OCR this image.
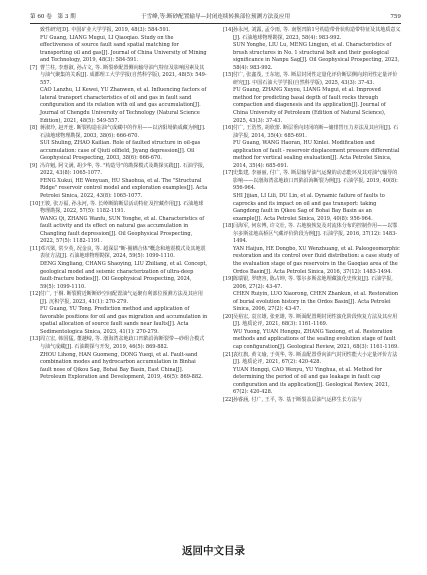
第 60 卷　第 3 期	于雪峰,等:断砂配置输导—封闭连续转换部位预测方法及应用	759
致性研究[D]. 中国矿业大学学报, 2019, 48(3): 584-591.
FU Guang, LIANG Mugui, LI Qiaoqiao. Study on the effectiveness of source fault sand spatial matching for transporting oil and gas[J]. Journal of China University of Mining and Technology, 2019, 48(3): 584-591.
[7] 曹兰柱, 李惠淑, 孙占文, 等. 断裂砂配置侧向输导油气特征及影响因素及其与油气聚集的关系[J]. 成都理工大学学报(自然科学版), 2021, 48(5): 549-557.
CAO Lanzhu, LI Kewei, YU Zhanwen, et al. Influencing factors of lateral transport characteristics of oil and gas in fault sand configuration and its relation with oil and gas accumulation[J]. Journal of Chengdu University of Technology (Natural Science Edition), 2021, 48(5): 549-557.
[8] 蒋淑玲, 赵开连. 断裂构造在油气成藏中的作用——以济阳坳陷成藏为例[J]. 石油地球物理勘探, 2003, 38(6): 666-670.
SUI Shuling, ZHAO Kailian. Role of faulted structure in oil-gas accumulation: case of Qiuti oilfield, Jiyang depression[J]. Oil Geophysical Prospecting, 2003, 38(6): 666-670.
[9] 冯许魁, 阿文满, 胡少华, 等. "构造导"的勘探模式及勘探实践[J]. 石油学报, 2022, 43(8): 1065-1077.
FENG Xukui, HE Wenyuan, HU Shaohua, et al. The "Structural Ridge" reservoir control model and exploration examples[J]. Acta Petrolei Sinica, 2022, 43(8): 1065-1077.
[10] 王骏, 张万福, 孙永河, 等. 长岭断陷断层活动特征及控藏作用[J]. 石油地球物理勘探, 2022, 57(5): 1182-1191.
WANG Qi, ZHANG Wanfu, SUN Yonghe, et al. Characteristics of fault activity and its effect on natural gas accumulation in Changling fault depression[J]. Oil Geophysical Prospecting, 2022, 57(5): 1182-1191.
[11] 邓兴梁, 常少英, 况金良, 等. 超深层"断-圈耦合体"概念和地震模式及其地震表征方法[J]. 石油地球物理勘探, 2024, 59(5): 1099-1110.
DENG Xingliang, CHANG Shaoying, LIU Zhiliang, et al. Concept, geological model and seismic characterization of ultra-deep fault-fracture bodies[J]. Oil Geophysical Prospecting, 2024, 59(5): 1099-1110.
[12] 付广, 于桐. 断裂附近断断砂空间配置油气运聚有利部位预测方法及其应用[J]. 沉积学报, 2023, 41(1): 270-279.
FU Guang, YU Tong. Prediction method and application of favorable positions for oil and gas migration and accumulation in spatial allocation of source fault sands near faults[J]. Acta Sedimentologica Sinica, 2023, 41(1): 270-279.
[13] 周立宏, 韩国猛, 董越崎, 等. 渤海湾盆地歧口凹陷沿海断裂带—砂组合模式与油气成藏[J]. 石油勘探与开发, 2019, 46(5): 869-882.
ZHOU Lihong, HAN Guomeng, DONG Yueqi, et al. Fault-sand combination modes and hydrocarbon accumulation in Binhai fault nose of Qikou Sag, Bohai Bay Basin, East China[J]. Petroleum Exploration and Development, 2019, 46(5): 869-882.
[14] 孙永河, 刘露, 孟令雨, 等. 南堡凹陷1号构造带骨状构造带特征及其地质意义[J]. 石油地球物理勘探, 2023, 58(4): 983-992.
SUN Yonghe, LIU Lu, MENG Lingjun, et al. Characteristics of brush structures in No. 1 structural belt and their geological significance in Nanpu Sag[J]. Oil Geophysical Prospecting, 2023, 58(4): 983-992.
[15] 付广, 张鑫茂, 王东旭, 等. 断层封闭性定量化评价断层侧向封闭性定量评价研究[J]. 中国石油大学学报(自然科学版), 2025, 43(3): 37-43.
FU Guang, ZHANG Xuyou, LIANG Mugui, et al. Improved method for predicting basal depth of fault rocks through compaction and diagenesis and its application[J]. Journal of China University of Petroleum (Edition of Natural Science), 2025, 43(3): 37-43.
[16] 付广, 王浩然, 胡欣蕾. 断层垂向封闭的断—储排替压力差法及其应用[J]. 石油学报, 2014, 35(4): 685-691.
FU Guang, WANG Haoran, HU Xinlei. Modification and application of fault - reservoir displacement pressure differential method for vertical sealing evaluation[J]. Acta Petrolei Sinica, 2014, 35(4): 685-691.
[17] 史集建, 李丽丽, 付广, 等. 断层输导油气运聚的动态能环及其对油气输导的影响——以渤海湾盆地歧口凹陷沿海断裂为例[J]. 石油学报, 2019, 40(8): 956-964.
SHI Jijian, LI Lili, DU Lin, et al. Dynamic failure of faults to caprocks and its impact on oil and gas transport: taking Gangdong fault in Qikou Sag of Bohai Bay Basin as an example[J]. Acta Petrolei Sinica, 2019, 40(8): 956-964.
[18] 闫海军, 何东博, 许文壮, 等. 古地貌恢复及对流体分布的控制作用——以鄂尔多斯盆地高桥区气藏评价阶段为例[J]. 石油学报, 2016, 37(12): 1483-1494.
YAN Haijun, HE Dongbo, XU Wenzhuang, et al. Paleogeomorphic restoration and its control over fluid distribution: a case study of the evaluation stage of gas reservoirs in the Gaoqiao area of the Ordos Basin[J]. Acta Petrolei Sinica, 2016, 37(12): 1483-1494.
[19] 陈瑞银, 罗晓容, 陈占坤, 等. 鄂尔多斯盆地埋藏演化史恢复[J]. 石油学报, 2006, 27(2): 43-47.
CHEN Ruiyin, LUO Xiaorong, CHEN Zhankun, et al. Restoration of burial evolution history in the Ordos Basin[J]. Acta Petrolei Sinica, 2006, 27(2): 43-47.
[20] 吴裕宏, 袁宣雄, 张亚雄, 等. 断面配置期封闭性演化阶段恢复方法及其应用[J]. 地质论评, 2021, 68(3): 1161-1169.
WU Yuong, YUAN Hongqu, ZHANG Yaxiong, et al. Restoration methods and applications of the sealing evolution stage of fault cap configuration[J]. Geological Review, 2021, 68(3): 1161-1169.
[21] 袁红旗, 黄文瑜, 于英华, 等. 断盖配置垂向油气封闭性能大小定量评价方法[J]. 地质论评, 2021, 67(2): 420-428.
YUAN Hongqi, CAO Wenyu, YU Yinghua, et al. Method for determining the period of oil and gas leakage in fault cap configuration and its application[J]. Geological Review, 2021, 67(2): 420-428.
[22] 孙睿涵, 付广, 王平, 等. 基于断裂盖层油气运移生长方法与
返回中文目录
